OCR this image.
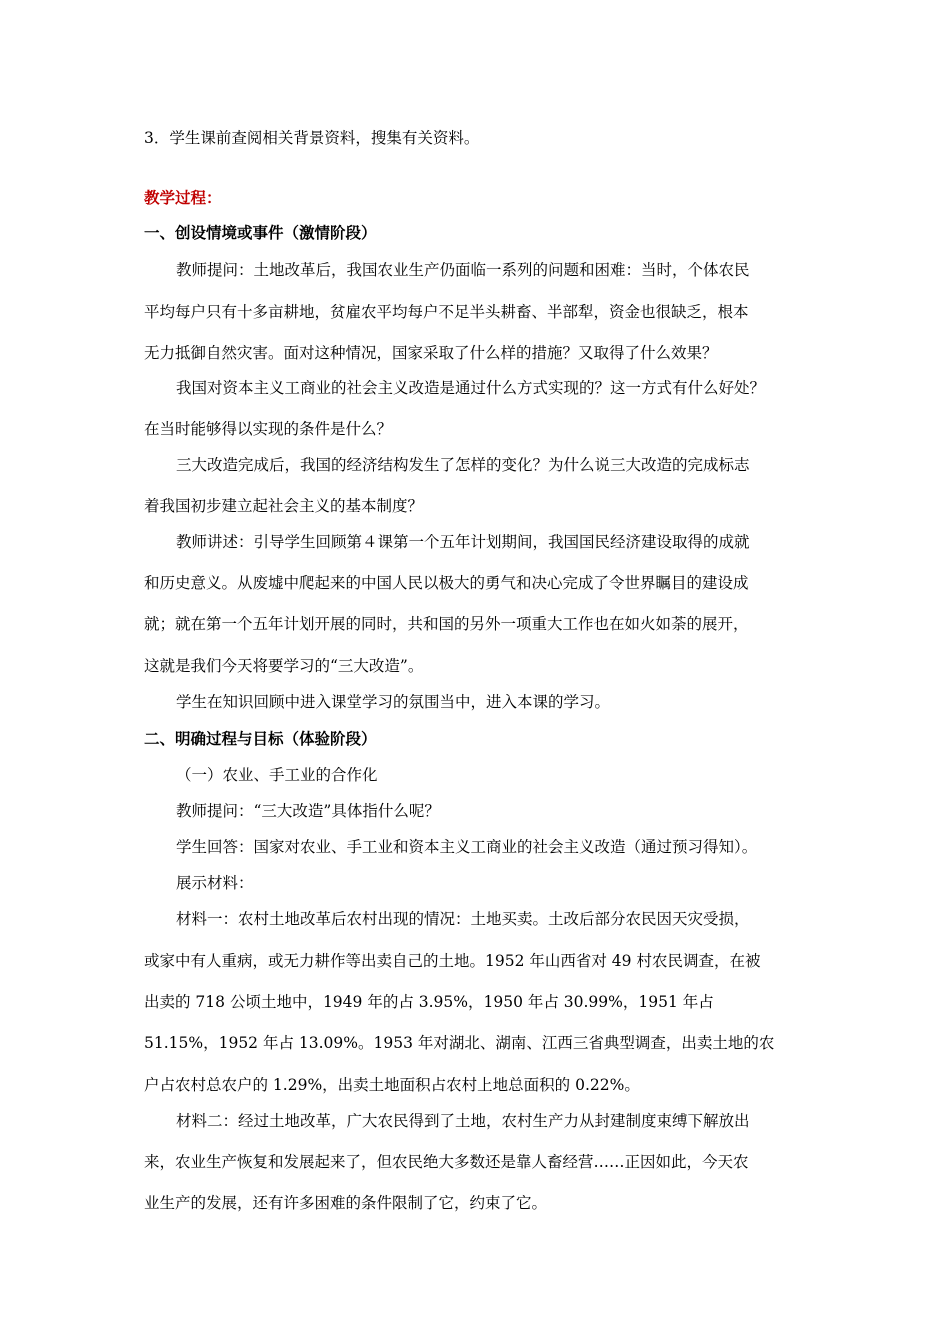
3．学生课前查阅相关背景资料，搜集有关资料。
教学过程：
一、创设情境或事件（激情阶段）
教师提问：土地改革后，我国农业生产仍面临一系列的问题和困难：当时，个体农民
平均每户只有十多亩耕地，贫雇农平均每户不足半头耕畜、半部犁，资金也很缺乏，根本
无力抵御自然灾害。面对这种情况，国家采取了什么样的措施？又取得了什么效果？
我国对资本主义工商业的社会主义改造是通过什么方式实现的？这一方式有什么好处？
在当时能够得以实现的条件是什么？
三大改造完成后，我国的经济结构发生了怎样的变化？为什么说三大改造的完成标志
着我国初步建立起社会主义的基本制度？
教师讲述：引导学生回顾第４课第一个五年计划期间，我国国民经济建设取得的成就
和历史意义。从废墟中爬起来的中国人民以极大的勇气和决心完成了令世界瞩目的建设成
就；就在第一个五年计划开展的同时，共和国的另外一项重大工作也在如火如荼的展开，
这就是我们今天将要学习的“三大改造”。
学生在知识回顾中进入课堂学习的氛围当中，进入本课的学习。
二、明确过程与目标（体验阶段）
（一）农业、手工业的合作化
教师提问：“三大改造”具体指什么呢？
学生回答：国家对农业、手工业和资本主义工商业的社会主义改造（通过预习得知）。
展示材料：
材料一：农村土地改革后农村出现的情况：土地买卖。土改后部分农民因天灾受损，
或家中有人重病，或无力耕作等出卖自己的土地。1952 年山西省对 49 村农民调查，在被
出卖的 718 公顷土地中，1949 年的占 3.95%，1950 年占 30.99%，1951 年占
51.15%，1952 年占 13.09%。1953 年对湖北、湖南、江西三省典型调查，出卖土地的农
户占农村总农户的 1.29%，出卖土地面积占农村上地总面积的 0.22%。
材料二：经过土地改革，广大农民得到了土地，农村生产力从封建制度束缚下解放出
来，农业生产恢复和发展起来了，但农民绝大多数还是靠人畜经营……正因如此，今天农
业生产的发展，还有许多困难的条件限制了它，约束了它。
